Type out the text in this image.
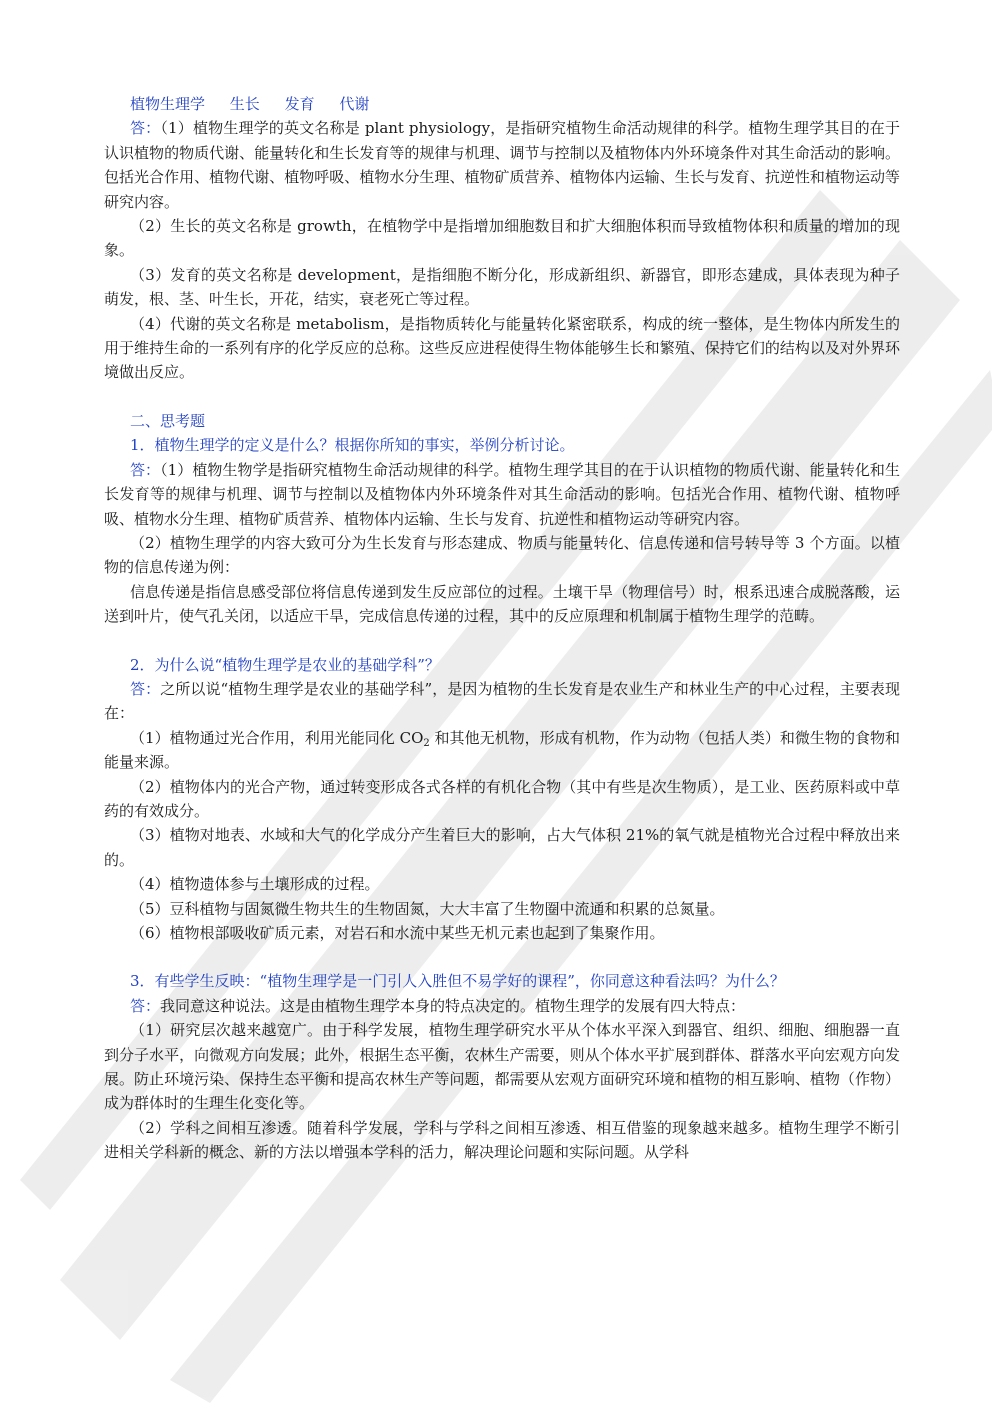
植物生理学 生长 发育 代谢

答：（1）植物生理学的英文名称是 plant physiology，是指研究植物生命活动规律的科学。植物生理学其目的在于认识植物的物质代谢、能量转化和生长发育等的规律与机理、调节与控制以及植物体内外环境条件对其生命活动的影响。包括光合作用、植物代谢、植物呼吸、植物水分生理、植物矿质营养、植物体内运输、生长与发育、抗逆性和植物运动等研究内容。

（2）生长的英文名称是 growth，在植物学中是指增加细胞数目和扩大细胞体积而导致植物体积和质量的增加的现象。

（3）发育的英文名称是 development，是指细胞不断分化，形成新组织、新器官，即形态建成，具体表现为种子萌发，根、茎、叶生长，开花，结实，衰老死亡等过程。

（4）代谢的英文名称是 metabolism，是指物质转化与能量转化紧密联系，构成的统一整体，是生物体内所发生的用于维持生命的一系列有序的化学反应的总称。这些反应进程使得生物体能够生长和繁殖、保持它们的结构以及对外界环境做出反应。

二、思考题

1．植物生理学的定义是什么？根据你所知的事实，举例分析讨论。

答：（1）植物生物学是指研究植物生命活动规律的科学。植物生理学其目的在于认识植物的物质代谢、能量转化和生长发育等的规律与机理、调节与控制以及植物体内外环境条件对其生命活动的影响。包括光合作用、植物代谢、植物呼吸、植物水分生理、植物矿质营养、植物体内运输、生长与发育、抗逆性和植物运动等研究内容。

（2）植物生理学的内容大致可分为生长发育与形态建成、物质与能量转化、信息传递和信号转导等 3 个方面。以植物的信息传递为例：

信息传递是指信息感受部位将信息传递到发生反应部位的过程。土壤干旱（物理信号）时，根系迅速合成脱落酸，运送到叶片，使气孔关闭，以适应干旱，完成信息传递的过程，其中的反应原理和机制属于植物生理学的范畴。

2．为什么说“植物生理学是农业的基础学科”？

答：之所以说“植物生理学是农业的基础学科”，是因为植物的生长发育是农业生产和林业生产的中心过程，主要表现在：

（1）植物通过光合作用，利用光能同化 $CO_2$ 和其他无机物，形成有机物，作为动物（包括人类）和微生物的食物和能量来源。

（2）植物体内的光合产物，通过转变形成各式各样的有机化合物（其中有些是次生物质），是工业、医药原料或中草药的有效成分。

（3）植物对地表、水域和大气的化学成分产生着巨大的影响，占大气体积 21%的氧气就是植物光合过程中释放出来的。

（4）植物遗体参与土壤形成的过程。

（5）豆科植物与固氮微生物共生的生物固氮，大大丰富了生物圈中流通和积累的总氮量。

（6）植物根部吸收矿质元素，对岩石和水流中某些无机元素也起到了集聚作用。

3．有些学生反映：“植物生理学是一门引人入胜但不易学好的课程”，你同意这种看法吗？为什么？

答：我同意这种说法。这是由植物生理学本身的特点决定的。植物生理学的发展有四大特点：

（1）研究层次越来越宽广。由于科学发展，植物生理学研究水平从个体水平深入到器官、组织、细胞、细胞器一直到分子水平，向微观方向发展；此外，根据生态平衡，农林生产需要，则从个体水平扩展到群体、群落水平向宏观方向发展。防止环境污染、保持生态平衡和提高农林生产等问题，都需要从宏观方面研究环境和植物的相互影响、植物（作物）成为群体时的生理生化变化等。

（2）学科之间相互渗透。随着科学发展，学科与学科之间相互渗透、相互借鉴的现象越来越多。植物生理学不断引进相关学科新的概念、新的方法以增强本学科的活力，解决理论问题和实际问题。从学科
